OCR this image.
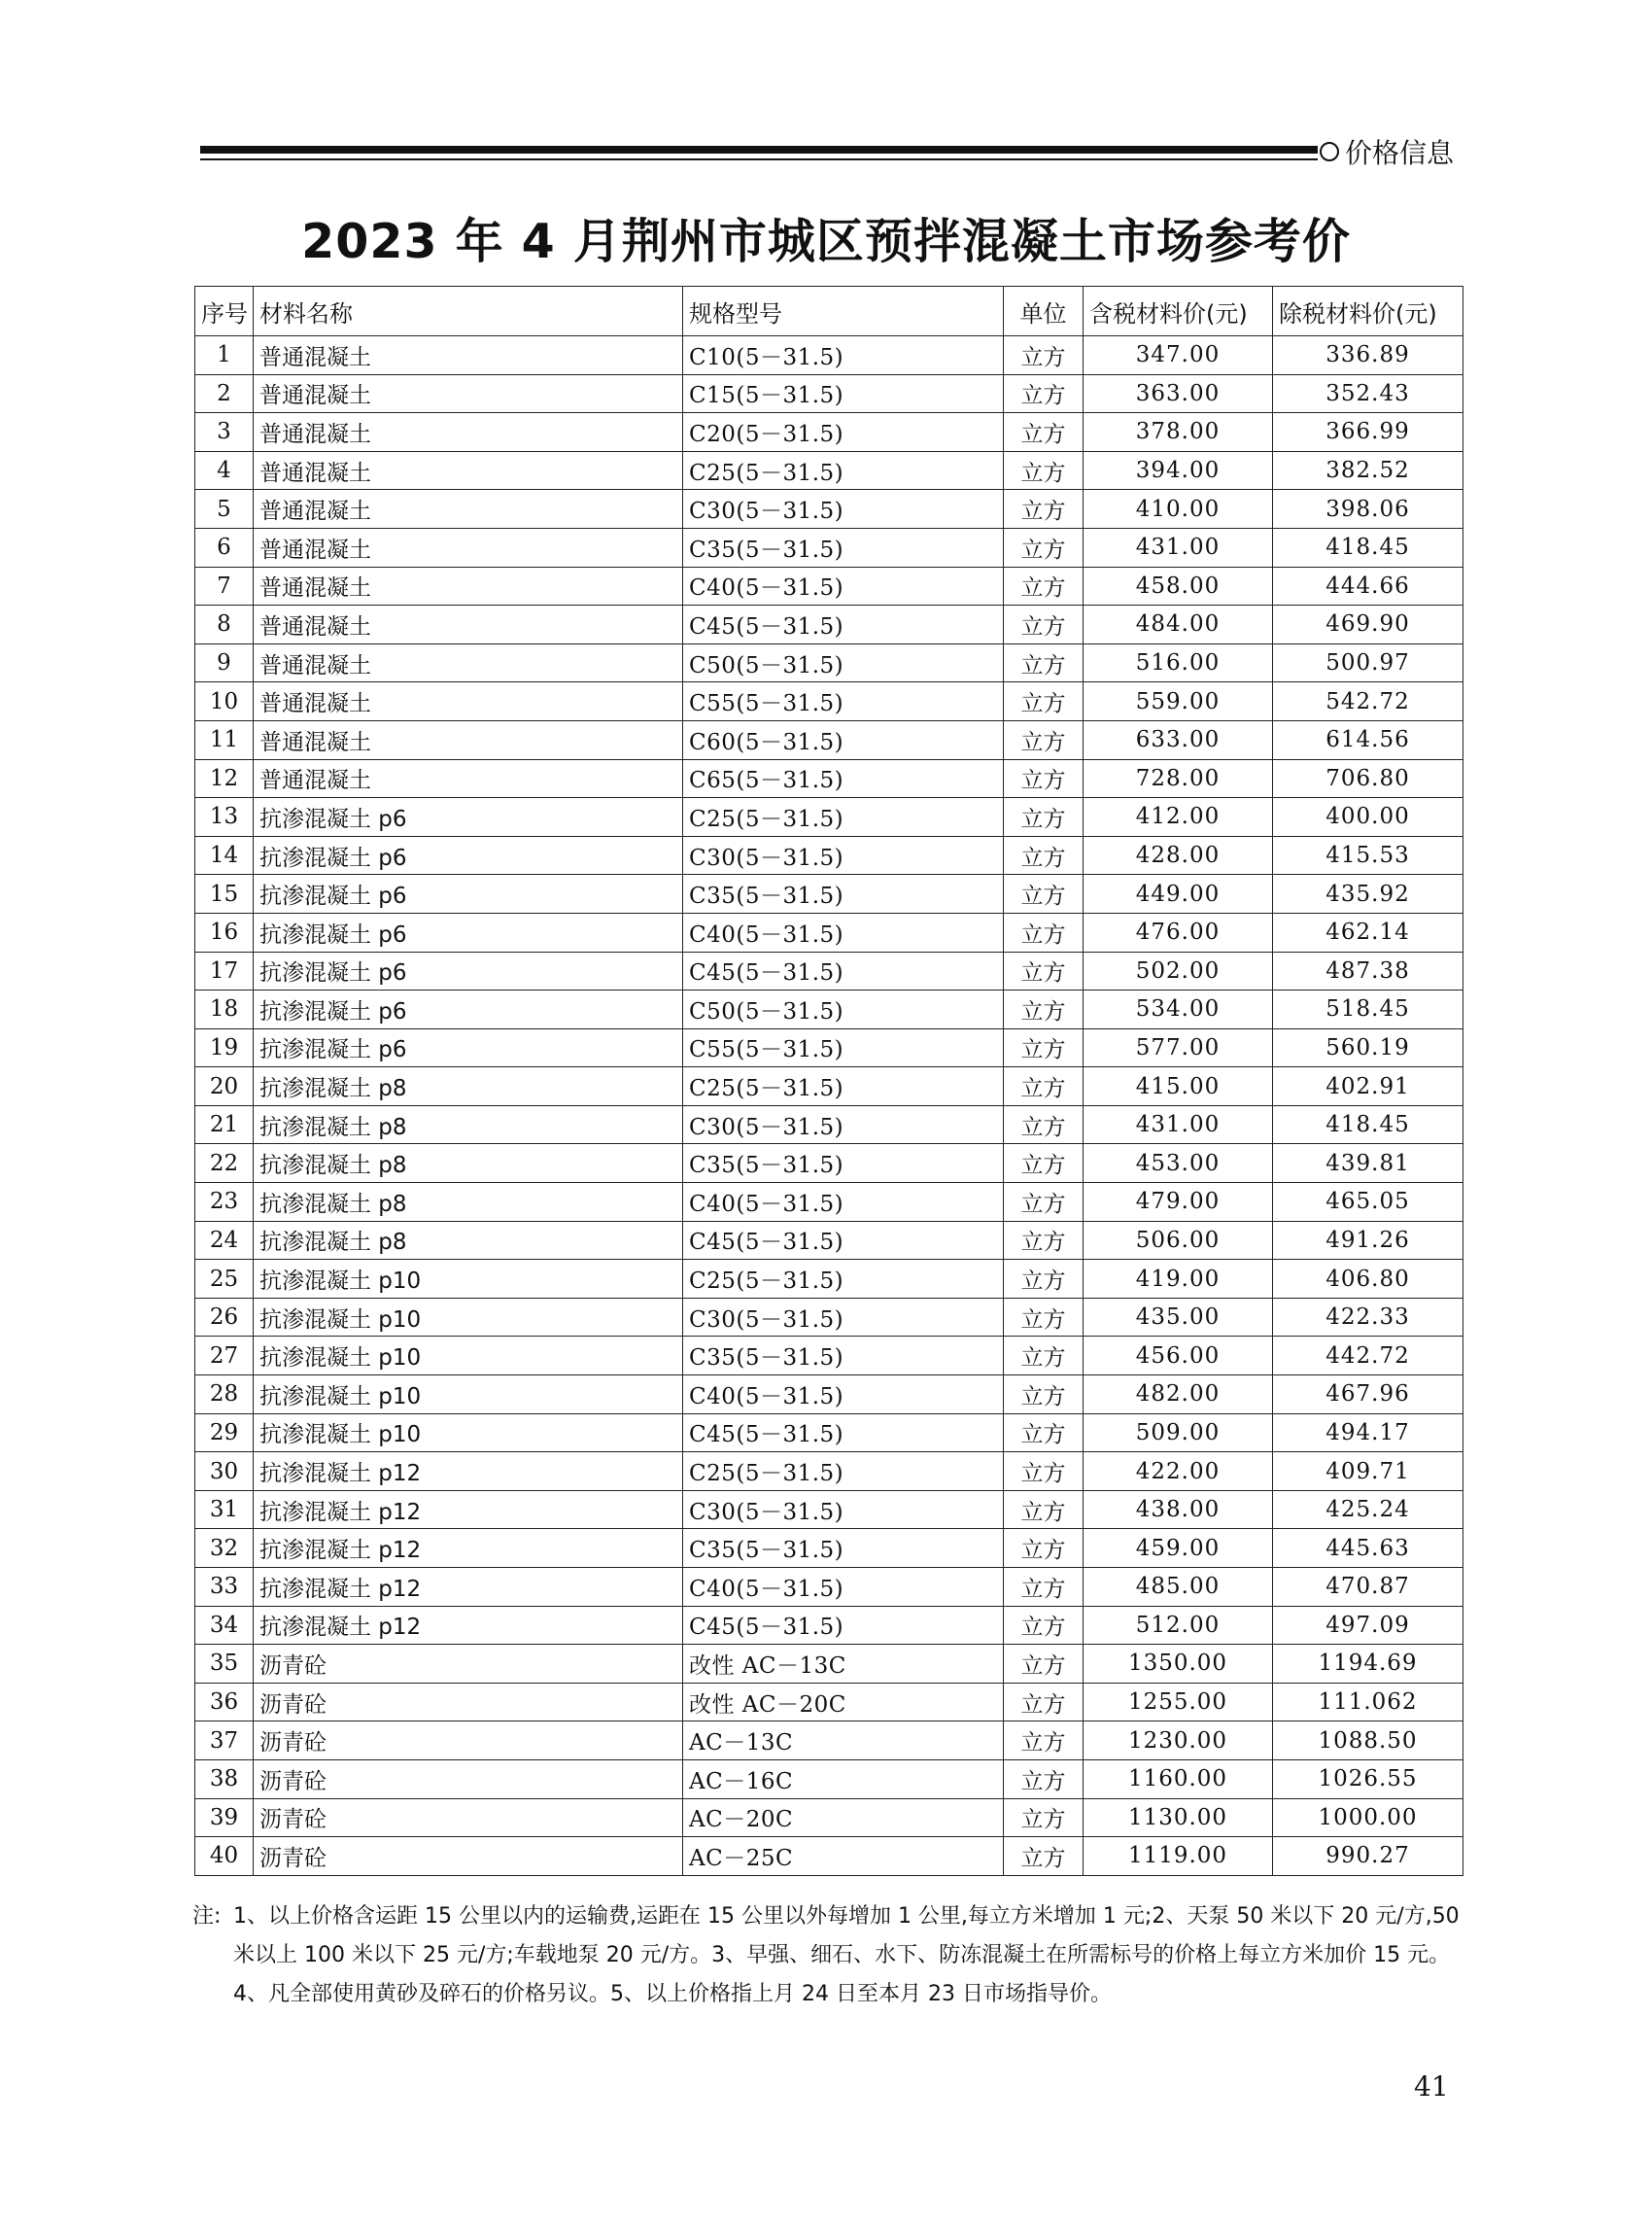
价格信息
2023 年 4 月荆州市城区预拌混凝土市场参考价
序号	材料名称	规格型号	单位	含税材料价(元)	除税材料价(元)
1	普通混凝土	C10(5－31.5)	立方	347.00	336.89
2	普通混凝土	C15(5－31.5)	立方	363.00	352.43
3	普通混凝土	C20(5－31.5)	立方	378.00	366.99
4	普通混凝土	C25(5－31.5)	立方	394.00	382.52
5	普通混凝土	C30(5－31.5)	立方	410.00	398.06
6	普通混凝土	C35(5－31.5)	立方	431.00	418.45
7	普通混凝土	C40(5－31.5)	立方	458.00	444.66
8	普通混凝土	C45(5－31.5)	立方	484.00	469.90
9	普通混凝土	C50(5－31.5)	立方	516.00	500.97
10	普通混凝土	C55(5－31.5)	立方	559.00	542.72
11	普通混凝土	C60(5－31.5)	立方	633.00	614.56
12	普通混凝土	C65(5－31.5)	立方	728.00	706.80
13	抗渗混凝土 p6	C25(5－31.5)	立方	412.00	400.00
14	抗渗混凝土 p6	C30(5－31.5)	立方	428.00	415.53
15	抗渗混凝土 p6	C35(5－31.5)	立方	449.00	435.92
16	抗渗混凝土 p6	C40(5－31.5)	立方	476.00	462.14
17	抗渗混凝土 p6	C45(5－31.5)	立方	502.00	487.38
18	抗渗混凝土 p6	C50(5－31.5)	立方	534.00	518.45
19	抗渗混凝土 p6	C55(5－31.5)	立方	577.00	560.19
20	抗渗混凝土 p8	C25(5－31.5)	立方	415.00	402.91
21	抗渗混凝土 p8	C30(5－31.5)	立方	431.00	418.45
22	抗渗混凝土 p8	C35(5－31.5)	立方	453.00	439.81
23	抗渗混凝土 p8	C40(5－31.5)	立方	479.00	465.05
24	抗渗混凝土 p8	C45(5－31.5)	立方	506.00	491.26
25	抗渗混凝土 p10	C25(5－31.5)	立方	419.00	406.80
26	抗渗混凝土 p10	C30(5－31.5)	立方	435.00	422.33
27	抗渗混凝土 p10	C35(5－31.5)	立方	456.00	442.72
28	抗渗混凝土 p10	C40(5－31.5)	立方	482.00	467.96
29	抗渗混凝土 p10	C45(5－31.5)	立方	509.00	494.17
30	抗渗混凝土 p12	C25(5－31.5)	立方	422.00	409.71
31	抗渗混凝土 p12	C30(5－31.5)	立方	438.00	425.24
32	抗渗混凝土 p12	C35(5－31.5)	立方	459.00	445.63
33	抗渗混凝土 p12	C40(5－31.5)	立方	485.00	470.87
34	抗渗混凝土 p12	C45(5－31.5)	立方	512.00	497.09
35	沥青砼	改性 AC－13C	立方	1350.00	1194.69
36	沥青砼	改性 AC－20C	立方	1255.00	111.062
37	沥青砼	AC－13C	立方	1230.00	1088.50
38	沥青砼	AC－16C	立方	1160.00	1026.55
39	沥青砼	AC－20C	立方	1130.00	1000.00
40	沥青砼	AC－25C	立方	1119.00	990.27
注: 1、以上价格含运距 15 公里以内的运输费,运距在 15 公里以外每增加 1 公里,每立方米增加 1 元;2、天泵 50 米以下 20 元/方,50 米以上 100 米以下 25 元/方;车载地泵 20 元/方。3、早强、细石、水下、防冻混凝土在所需标号的价格上每立方米加价 15 元。4、凡全部使用黄砂及碎石的价格另议。5、以上价格指上月 24 日至本月 23 日市场指导价。
41
